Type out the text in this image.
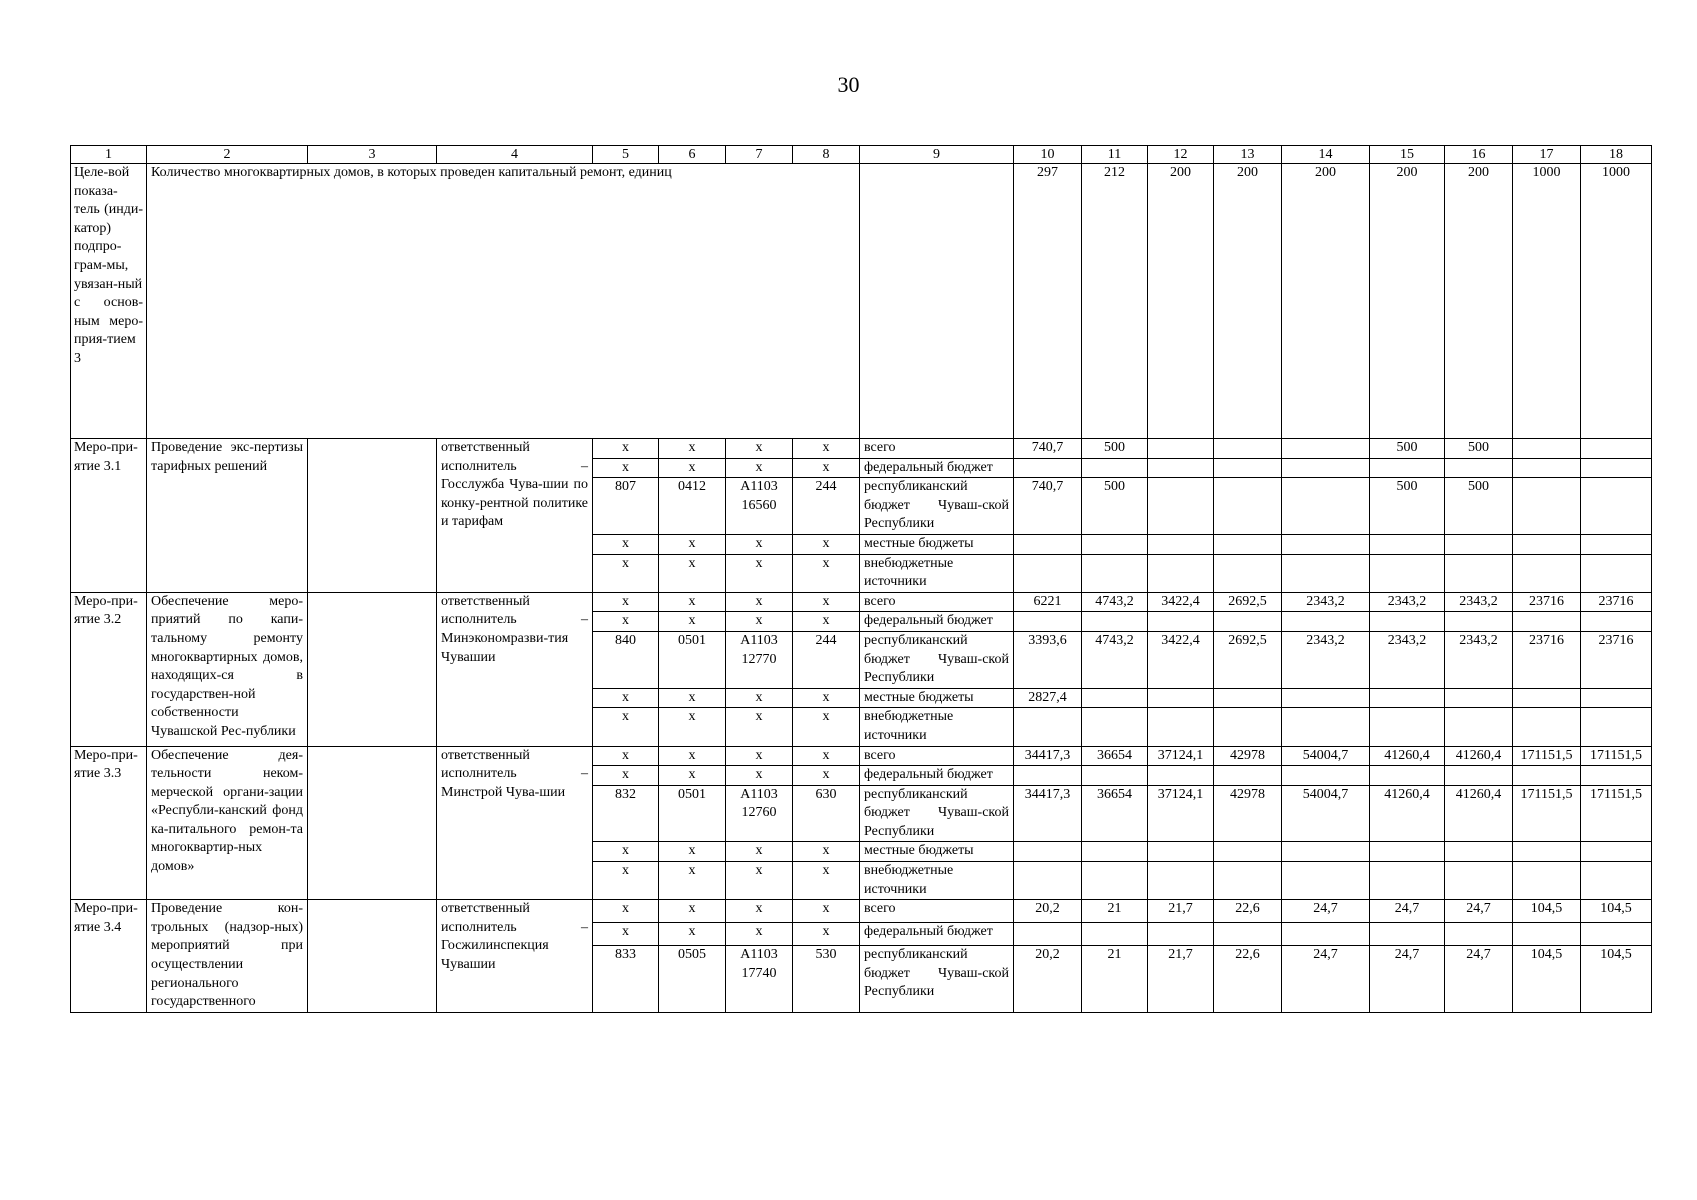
30
1	2	3	4	5	6	7	8	9	10	11	12	13	14	15	16	17	18
Целе-вой показа-тель (инди-катор) подпро-грам-мы, увязан-ный с основ-ным меро-прия-тием 3	Количество многоквартирных домов, в которых проведен капитальный ремонт, единиц								297	212	200	200	200	200	200	1000	1000
Меро-при-ятие 3.1	Проведение экс-пертизы тарифных решений		ответственный исполнитель – Госслужба Чува-шии по конку-рентной политике и тарифам	х	х	х	х	всего	740,7	500				500	500		
				х	х	х	х	федеральный бюджет									
				807	0412	А1103 16560	244	республиканский бюджет Чуваш-ской Республики	740,7	500				500	500		
				х	х	х	х	местные бюджеты									
				х	х	х	х	внебюджетные источники									
Меро-при-ятие 3.2	Обеспечение меро-приятий по капи-тальному ремонту многоквартирных домов, находящих-ся в государствен-ной собственности Чувашской Рес-публики		ответственный исполнитель – Минэкономразви-тия Чувашии	х	х	х	х	всего	6221	4743,2	3422,4	2692,5	2343,2	2343,2	2343,2	23716	23716
				х	х	х	х	федеральный бюджет									
				840	0501	А1103 12770	244	республиканский бюджет Чуваш-ской Республики	3393,6	4743,2	3422,4	2692,5	2343,2	2343,2	2343,2	23716	23716
				х	х	х	х	местные бюджеты	2827,4								
				х	х	х	х	внебюджетные источники									
Меро-при-ятие 3.3	Обеспечение дея-тельности неком-мерческой органи-зации «Республи-канский фонд ка-питального ремон-та многоквартир-ных домов»		ответственный исполнитель – Минстрой Чува-шии	х	х	х	х	всего	34417,3	36654	37124,1	42978	54004,7	41260,4	41260,4	171151,5	171151,5
				х	х	х	х	федеральный бюджет									
				832	0501	А1103 12760	630	республиканский бюджет Чуваш-ской Республики	34417,3	36654	37124,1	42978	54004,7	41260,4	41260,4	171151,5	171151,5
				х	х	х	х	местные бюджеты									
				х	х	х	х	внебюджетные источники									
Меро-при-ятие 3.4	Проведение кон-трольных (надзор-ных) мероприятий при осуществлении регионального государственного		ответственный исполнитель – Госжилинспекция Чувашии	х	х	х	х	всего	20,2	21	21,7	22,6	24,7	24,7	24,7	104,5	104,5
				х	х	х	х	федеральный бюджет									
				833	0505	А1103 17740	530	республиканский бюджет Чуваш-ской Республики	20,2	21	21,7	22,6	24,7	24,7	24,7	104,5	104,5
